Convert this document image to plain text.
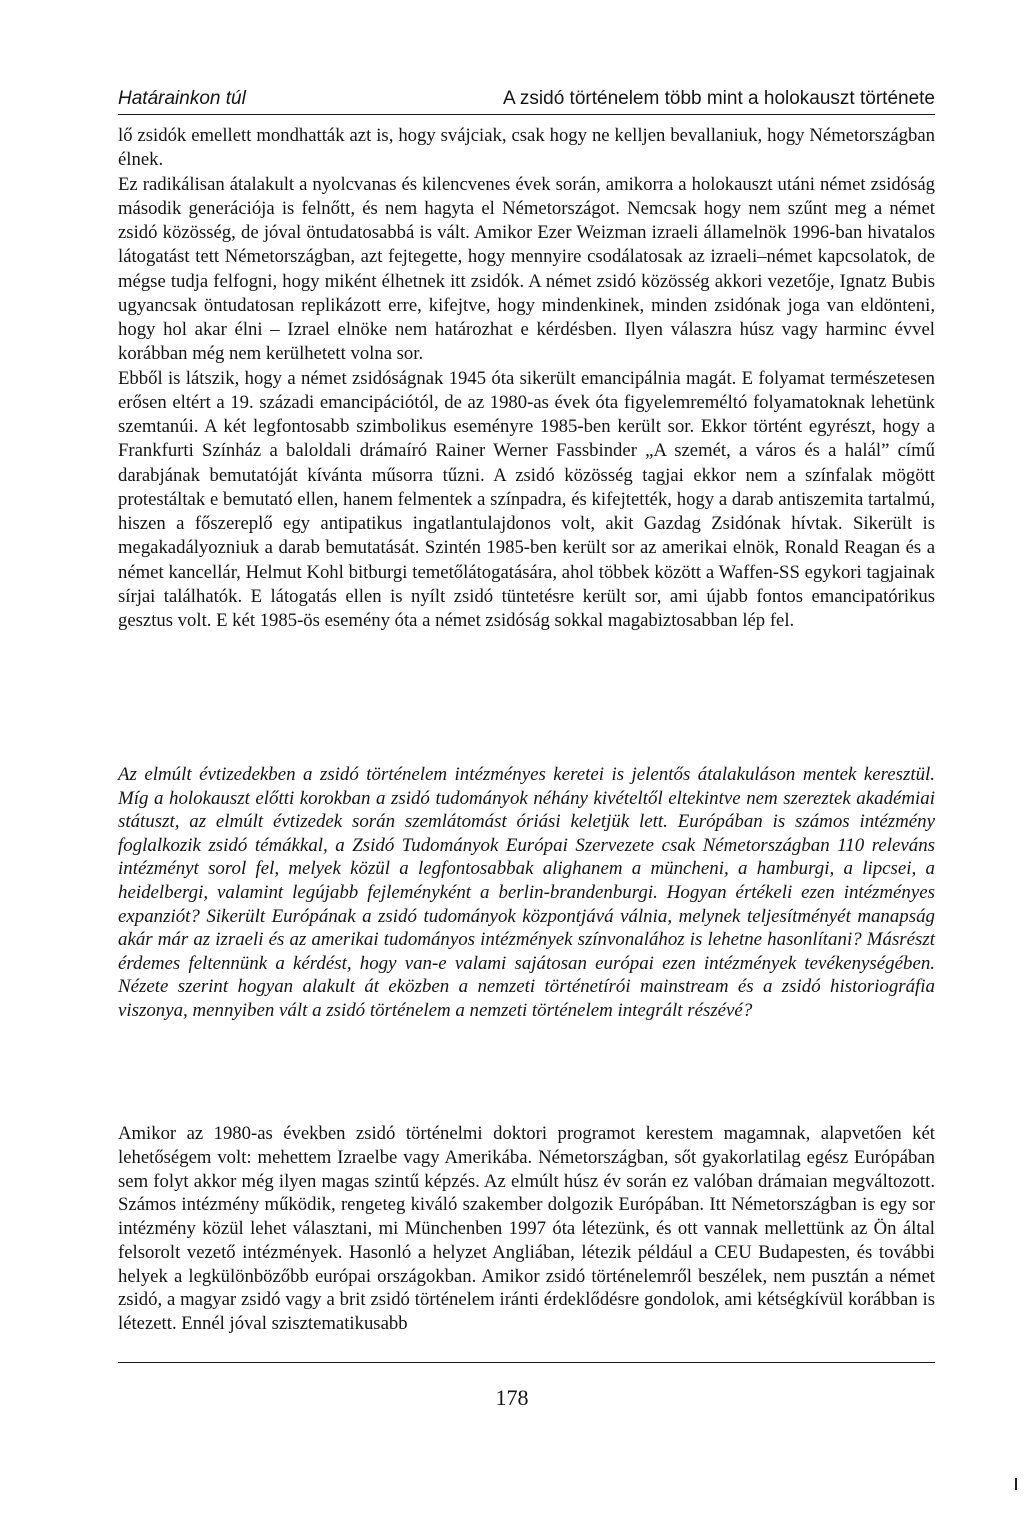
Határainkon túl	A zsidó történelem több mint a holokauszt története

lő zsidók emellett mondhatták azt is, hogy svájciak, csak hogy ne kelljen bevallaniuk, hogy Németországban élnek.

Ez radikálisan átalakult a nyolcvanas és kilencvenes évek során, amikorra a holokauszt utáni német zsidóság második generációja is felnőtt, és nem hagyta el Németországot. Nemcsak hogy nem szűnt meg a német zsidó közösség, de jóval öntudatosabbá is vált. Amikor Ezer Weizman izraeli államelnök 1996-ban hivatalos látogatást tett Németországban, azt fejtegette, hogy mennyire csodálatosak az izraeli–német kapcsolatok, de mégse tudja felfogni, hogy miként élhetnek itt zsidók. A német zsidó közösség akkori vezetője, Ignatz Bubis ugyancsak öntudatosan replikázott erre, kifejtve, hogy mindenkinek, minden zsidónak joga van eldönteni, hogy hol akar élni – Izrael elnöke nem határozhat e kérdésben. Ilyen válaszra húsz vagy harminc évvel korábban még nem kerülhetett volna sor.

Ebből is látszik, hogy a német zsidóságnak 1945 óta sikerült emancipálnia magát. E folyamat természetesen erősen eltért a 19. századi emancipációtól, de az 1980-as évek óta figyelemreméltó folyamatoknak lehetünk szemtanúi. A két legfontosabb szimbolikus eseményre 1985-ben került sor. Ekkor történt egyrészt, hogy a Frankfurti Színház a baloldali drámaíró Rainer Werner Fassbinder „A szemét, a város és a halál” című darabjának bemutatóját kívánta műsorra tűzni. A zsidó közösség tagjai ekkor nem a színfalak mögött protestáltak e bemutató ellen, hanem felmentek a színpadra, és kifejtették, hogy a darab antiszemita tartalmú, hiszen a főszereplő egy antipatikus ingatlantulajdonos volt, akit Gazdag Zsidónak hívtak. Sikerült is megakadályozniuk a darab bemutatását. Szintén 1985-ben került sor az amerikai elnök, Ronald Reagan és a német kancellár, Helmut Kohl bitburgi temetőlátogatására, ahol többek között a Waffen-SS egykori tagjainak sírjai találhatók. E látogatás ellen is nyílt zsidó tüntetésre került sor, ami újabb fontos emancipatórikus gesztus volt. E két 1985-ös esemény óta a német zsidóság sokkal magabiztosabban lép fel.

Az elmúlt évtizedekben a zsidó történelem intézményes keretei is jelentős átalakuláson mentek keresztül. Míg a holokauszt előtti korokban a zsidó tudományok néhány kivételtől eltekintve nem szereztek akadémiai státuszt, az elmúlt évtizedek során szemlátomást óriási keletjük lett. Európában is számos intézmény foglalkozik zsidó témákkal, a Zsidó Tudományok Európai Szervezete csak Németországban 110 releváns intézményt sorol fel, melyek közül a legfontosabbak alighanem a müncheni, a hamburgi, a lipcsei, a heidelbergi, valamint legújabb fejleményként a berlin-brandenburgi. Hogyan értékeli ezen intézményes expanziót? Sikerült Európának a zsidó tudományok központjává válnia, melynek teljesítményét manapság akár már az izraeli és az amerikai tudományos intézmények színvonalához is lehetne hasonlítani? Másrészt érdemes feltennünk a kérdést, hogy van-e valami sajátosan európai ezen intézmények tevékenységében. Nézete szerint hogyan alakult át eközben a nemzeti történetírói mainstream és a zsidó historiográfia viszonya, mennyiben vált a zsidó történelem a nemzeti történelem integrált részévé?

Amikor az 1980-as években zsidó történelmi doktori programot kerestem magamnak, alapvetően két lehetőségem volt: mehettem Izraelbe vagy Amerikába. Németországban, sőt gyakorlatilag egész Európában sem folyt akkor még ilyen magas szintű képzés. Az elmúlt húsz év során ez valóban drámaian megváltozott. Számos intézmény működik, rengeteg kiváló szakember dolgozik Európában. Itt Németországban is egy sor intézmény közül lehet választani, mi Münchenben 1997 óta létezünk, és ott vannak mellettünk az Ön által felsorolt vezető intézmények. Hasonló a helyzet Angliában, létezik például a CEU Budapesten, és további helyek a legkülönbözőbb európai országokban. Amikor zsidó történelemről beszélek, nem pusztán a német zsidó, a magyar zsidó vagy a brit zsidó történelem iránti érdeklődésre gondolok, ami kétségkívül korábban is létezett. Ennél jóval szisztematikusabb

178
